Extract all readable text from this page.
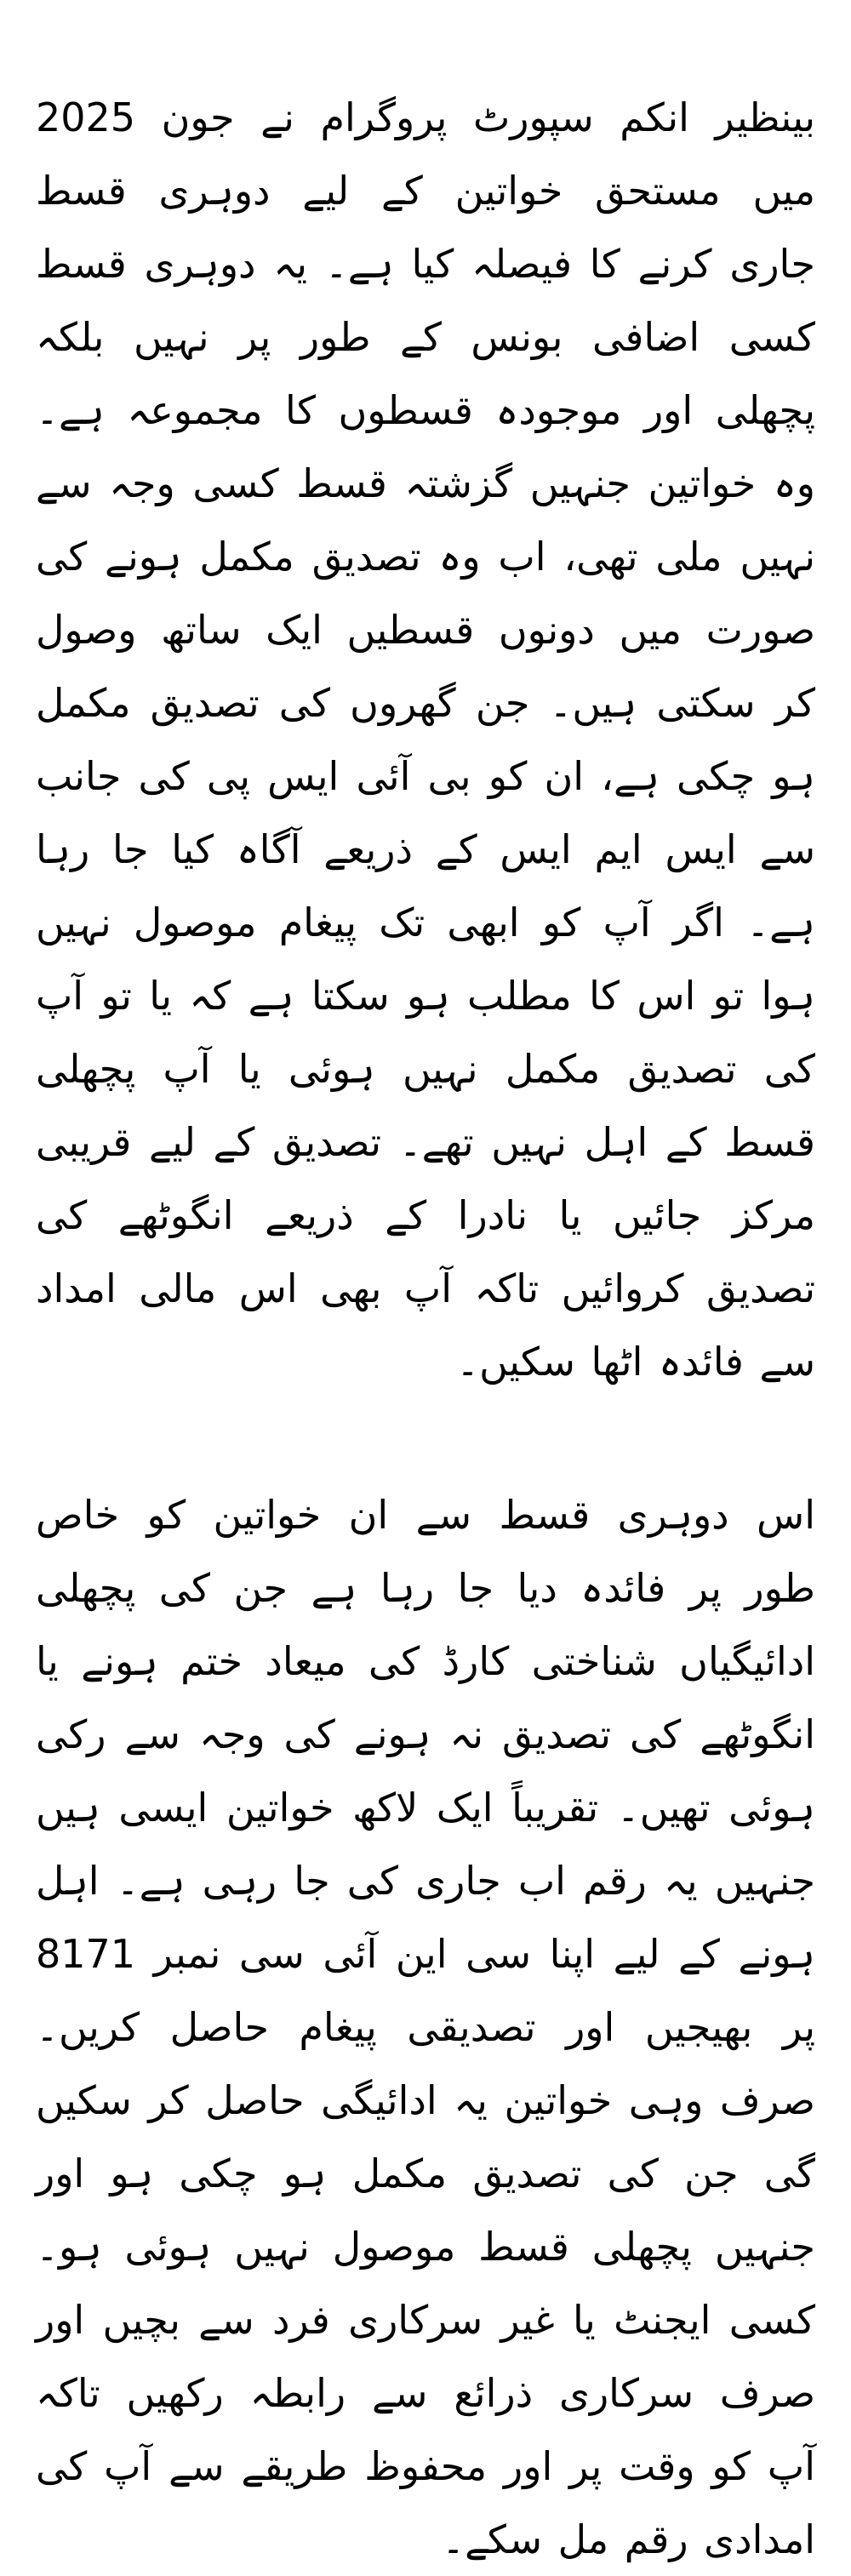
بینظیر انکم سپورٹ پروگرام نے جون 2025 میں مستحق خواتین کے لیے دوہری قسط جاری کرنے کا فیصلہ کیا ہے۔ یہ دوہری قسط کسی اضافی بونس کے طور پر نہیں بلکہ پچھلی اور موجودہ قسطوں کا مجموعہ ہے۔ وہ خواتین جنہیں گزشتہ قسط کسی وجہ سے نہیں ملی تھی، اب وہ تصدیق مکمل ہونے کی صورت میں دونوں قسطیں ایک ساتھ وصول کر سکتی ہیں۔ جن گھروں کی تصدیق مکمل ہو چکی ہے، ان کو بی آئی ایس پی کی جانب سے ایس ایم ایس کے ذریعے آگاہ کیا جا رہا ہے۔ اگر آپ کو ابھی تک پیغام موصول نہیں ہوا تو اس کا مطلب ہو سکتا ہے کہ یا تو آپ کی تصدیق مکمل نہیں ہوئی یا آپ پچھلی قسط کے اہل نہیں تھے۔ تصدیق کے لیے قریبی مرکز جائیں یا نادرا کے ذریعے انگوٹھے کی تصدیق کروائیں تاکہ آپ بھی اس مالی امداد سے فائدہ اٹھا سکیں۔

اس دوہری قسط سے ان خواتین کو خاص طور پر فائدہ دیا جا رہا ہے جن کی پچھلی ادائیگیاں شناختی کارڈ کی میعاد ختم ہونے یا انگوٹھے کی تصدیق نہ ہونے کی وجہ سے رکی ہوئی تھیں۔ تقریباً ایک لاکھ خواتین ایسی ہیں جنہیں یہ رقم اب جاری کی جا رہی ہے۔ اہل ہونے کے لیے اپنا سی این آئی سی نمبر 8171 پر بھیجیں اور تصدیقی پیغام حاصل کریں۔ صرف وہی خواتین یہ ادائیگی حاصل کر سکیں گی جن کی تصدیق مکمل ہو چکی ہو اور جنہیں پچھلی قسط موصول نہیں ہوئی ہو۔ کسی ایجنٹ یا غیر سرکاری فرد سے بچیں اور صرف سرکاری ذرائع سے رابطہ رکھیں تاکہ آپ کو وقت پر اور محفوظ طریقے سے آپ کی امدادی رقم مل سکے۔
